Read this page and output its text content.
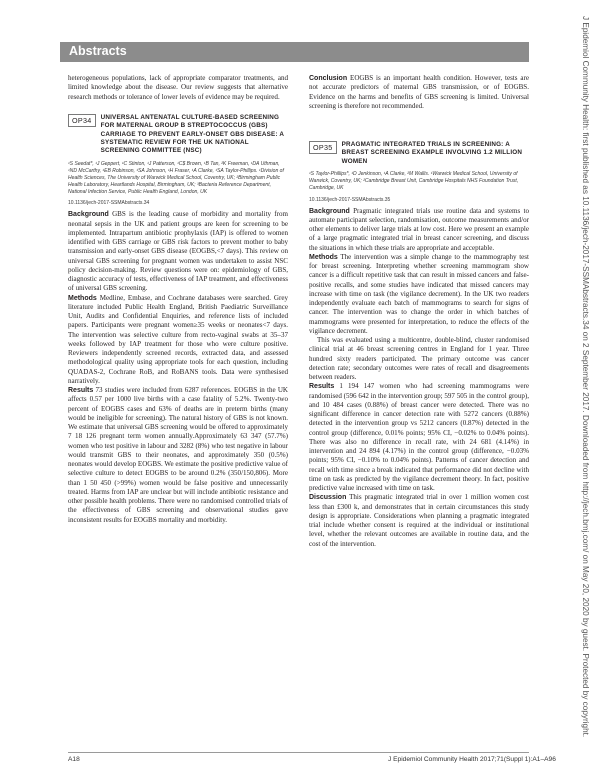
Abstracts

heterogeneous populations, lack of appropriate comparator treatments, and limited knowledge about the disease. Our review suggests that alternative research methods or tolerance of lower levels of evidence may be required.

OP34	UNIVERSAL ANTENATAL CULTURE-BASED SCREENING FOR MATERNAL GROUP B STREPTOCOCCUS (GBS) CARRIAGE TO PREVENT EARLY-ONSET GBS DISEASE: A SYSTEMATIC REVIEW FOR THE UK NATIONAL SCREENING COMMITTEE (NSC)
¹S Seedat*, ¹J Geppert, ¹C Stinton, ¹J Patterson, ¹C$ Brown, ¹B Tan, ²K Freeman, ¹DA Uthman, ¹ND McCarthy, ¹EB Robinson, ¹SA Johnson, ¹H Fraser, ¹A Clarke, ¹SA Taylor-Phillips. ¹Division of Health Sciences, The University of Warwick Medical School, Coventry, UK; ²Birmingham Public Health Laboratory, Heartlands Hospital, Birmingham, UK; ³Bacteria Reference Department, National Infection Service, Public Health England, London, UK
10.1136/jech-2017-SSMAbstracts.34

Background GBS is the leading cause of morbidity and mortality from neonatal sepsis in the UK and patient groups are keen for screening to be implemented. Intrapartum antibiotic prophylaxis (IAP) is offered to women identified with GBS carriage or GBS risk factors to prevent mother to baby transmission and early-onset GBS disease (EOGBS,<7 days). This review on universal GBS screening for pregnant women was undertaken to assist NSC policy decision-making. Review questions were on: epidemiology of GBS, diagnostic accuracy of tests, effectiveness of IAP treatment, and effectiveness of universal GBS screening.

Methods Medline, Embase, and Cochrane databases were searched. Grey literature included Public Health England, British Paediatric Surveillance Unit, Audits and Confidential Enquiries, and reference lists of included papers. Participants were pregnant women≥35 weeks or neonates<7 days. The intervention was selective culture from recto-vaginal swabs at 35–37 weeks followed by IAP treatment for those who were culture positive. Reviewers independently screened records, extracted data, and assessed methodological quality using appropriate tools for each question, including QUADAS-2, Cochrane RoB, and RoBANS tools. Data were synthesised narratively.

Results 73 studies were included from 6287 references. EOGBS in the UK affects 0.57 per 1000 live births with a case fatality of 5.2%. Twenty-two percent of EOGBS cases and 63% of deaths are in preterm births (many would be ineligible for screening). The natural history of GBS is not known. We estimate that universal GBS screening would be offered to approximately 7 18 126 pregnant term women annually.Approximately 63 347 (57.7%) women who test positive in labour and 3282 (8%) who test negative in labour would transmit GBS to their neonates, and approximately 350 (0.5%) neonates would develop EOGBS. We estimate the positive predictive value of selective culture to detect EOGBS to be around 0.2% (350/150,806). More than 1 50 450 (>99%) women would be false positive and unnecessarily treated. Harms from IAP are unclear but will include antibiotic resistance and other possible health problems. There were no randomised controlled trials of the effectiveness of GBS screening and observational studies gave inconsistent results for EOGBS mortality and morbidity.

Conclusion EOGBS is an important health condition. However, tests are not accurate predictors of maternal GBS transmission, or of EOGBS. Evidence on the harms and benefits of GBS screening is limited. Universal screening is therefore not recommended.

OP35	PRAGMATIC INTEGRATED TRIALS IN SCREENING: A BREAST SCREENING EXAMPLE INVOLVING 1.2 MILLION WOMEN
¹S Taylor-Phillips*, ¹D Jenkinson, ¹A Clarke, ²M Wallis. ¹Warwick Medical School, University of Warwick, Coventry, UK; ²Cambridge Breast Unit, Cambridge Hospitals NHS Foundation Trust, Cambridge, UK
10.1136/jech-2017-SSMAbstracts.35

Background Pragmatic integrated trials use routine data and systems to automate participant selection, randomisation, outcome measurements and/or other elements to deliver large trials at low cost. Here we present an example of a large pragmatic integrated trial in breast cancer screening, and discuss the situations in which these trials are appropriate and acceptable.

Methods The intervention was a simple change to the mammography test for breast screening. Interpreting whether screening mammogram show cancer is a difficult repetitive task that can result in missed cancers and false-positive recalls, and some studies have indicated that missed cancers may increase with time on task (the vigilance decrement). In the UK two readers independently evaluate each batch of mammograms to search for signs of cancer. The intervention was to change the order in which batches of mammograms were presented for interpretation, to reduce the effects of the vigilance decrement.

This was evaluated using a multicentre, double-blind, cluster randomised clinical trial at 46 breast screening centres in England for 1 year. Three hundred sixty readers participated. The primary outcome was cancer detection rate; secondary outcomes were rates of recall and disagreements between readers.

Results 1 194 147 women who had screening mammograms were randomised (596 642 in the intervention group; 597 505 in the control group), and 10 484 cases (0.88%) of breast cancer were detected. There was no significant difference in cancer detection rate with 5272 cancers (0.88%) detected in the intervention group vs 5212 cancers (0.87%) detected in the control group (difference, 0.01% points; 95% CI, −0.02% to 0.04% points). There was also no difference in recall rate, with 24 681 (4.14%) in intervention and 24 894 (4.17%) in the control group (difference, −0.03% points; 95% CI, −0.10% to 0.04% points). Patterns of cancer detection and recall with time since a break indicated that performance did not decline with time on task as predicted by the vigilance decrement theory. In fact, positive predictive value increased with time on task.

Discussion This pragmatic integrated trial in over 1 million women cost less than £300 k, and demonstrates that in certain circumstances this study design is appropriate. Considerations when planning a pragmatic integrated trial include whether consent is required at the individual or institutional level, whether the relevant outcomes are available in routine data, and the cost of the intervention.	J Epidemiol Community Health: first published as 10.1136/jech-2017-SSMAbstracts.34 on 2 September 2017. Downloaded from http://jech.bmj.com/ on May 20, 2020 by guest. Protected by copyright.
A18	J Epidemiol Community Health 2017;71(Suppl 1):A1–A96
